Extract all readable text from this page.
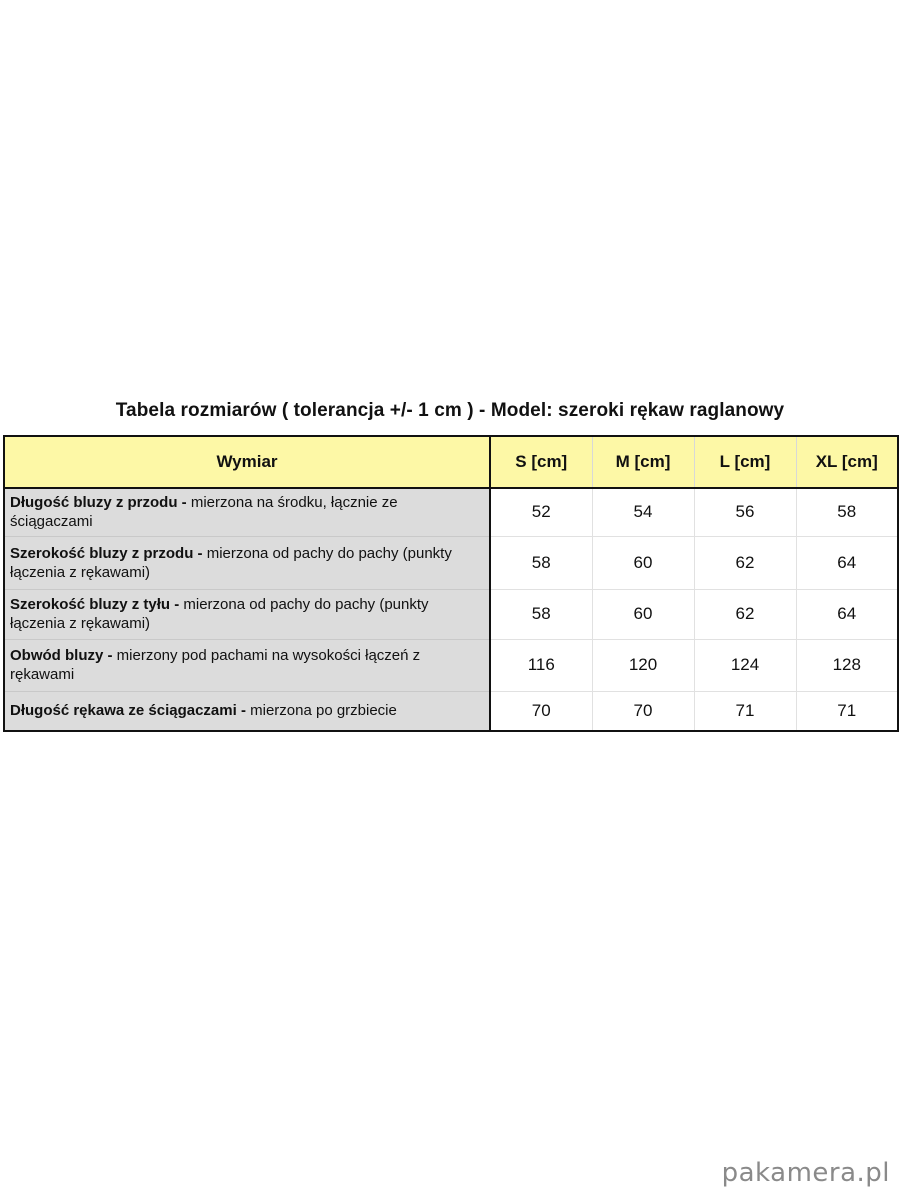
Tabela rozmiarów ( tolerancja +/- 1 cm ) - Model: szeroki rękaw raglanowy
Wymiar	S [cm]	M [cm]	L [cm]	XL [cm]
Długość bluzy z przodu - mierzona na środku, łącznie ze ściągaczami	52	54	56	58
Szerokość bluzy z przodu - mierzona od pachy do pachy (punkty łączenia z rękawami)	58	60	62	64
Szerokość bluzy z tyłu - mierzona od pachy do pachy (punkty łączenia z rękawami)	58	60	62	64
Obwód bluzy - mierzony pod pachami na wysokości łączeń z rękawami	116	120	124	128
Długość rękawa ze ściągaczami - mierzona po grzbiecie	70	70	71	71
pakamera.pl
